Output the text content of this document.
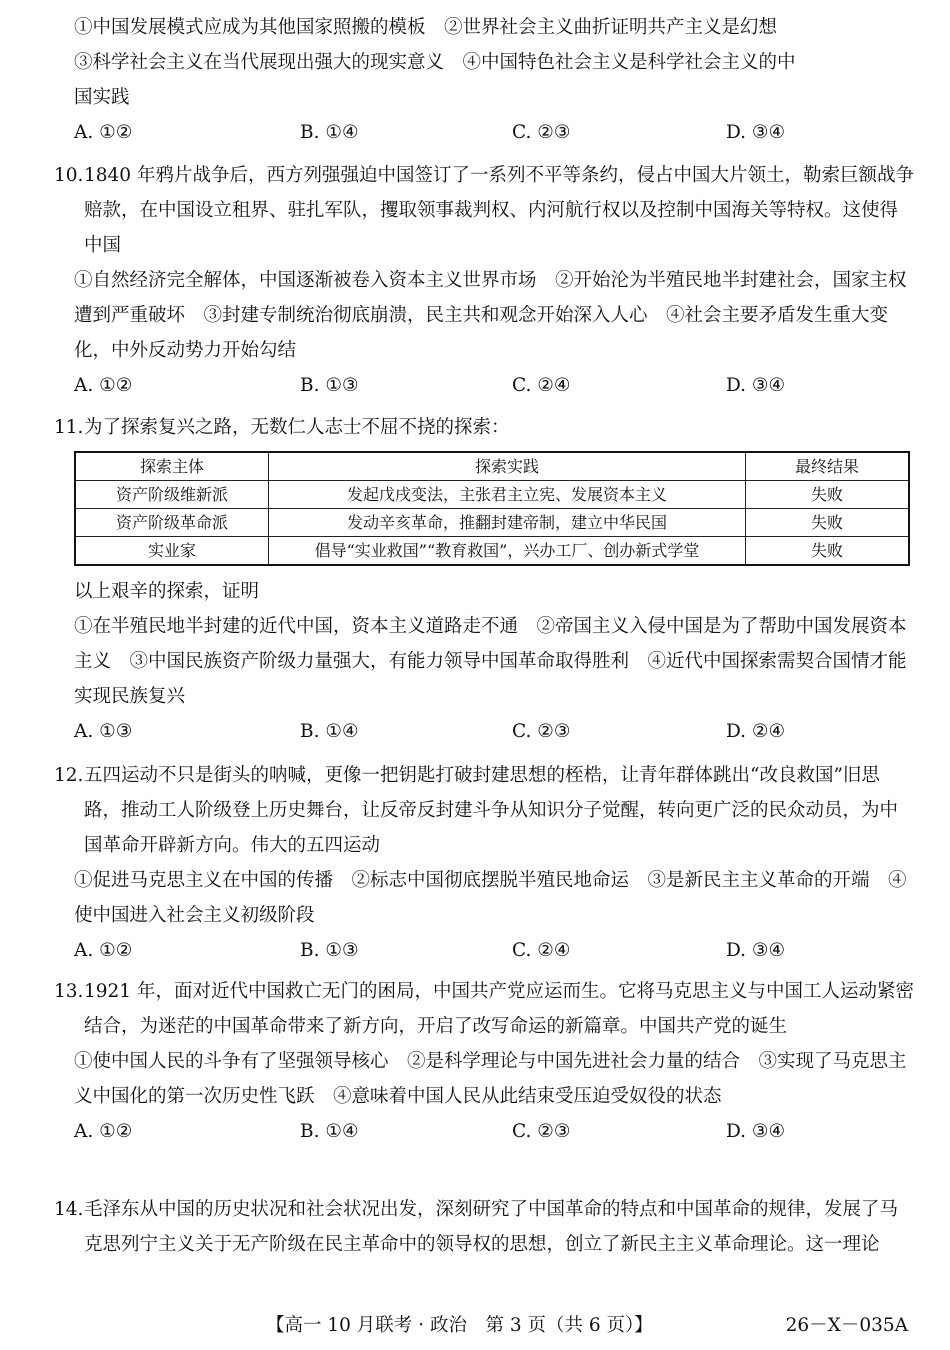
①中国发展模式应成为其他国家照搬的模板　②世界社会主义曲折证明共产主义是幻想

③科学社会主义在当代展现出强大的现实意义　④中国特色社会主义是科学社会主义的中

国实践

A. ①②	B. ①④	C. ②③	D. ③④
10. 1840 年鸦片战争后，西方列强强迫中国签订了一系列不平等条约，侵占中国大片领土，勒索巨额战争赔款，在中国设立租界、驻扎军队，攫取领事裁判权、内河航行权以及控制中国海关等特权。这使得中国

①自然经济完全解体，中国逐渐被卷入资本主义世界市场　②开始沦为半殖民地半封建社会，国家主权遭到严重破坏　③封建专制统治彻底崩溃，民主共和观念开始深入人心　④社会主要矛盾发生重大变化，中外反动势力开始勾结

A. ①②	B. ①③	C. ②④	D. ③④
11. 为了探索复兴之路，无数仁人志士不屈不挠的探索：
探索主体	探索实践	最终结果
资产阶级维新派	发起戊戌变法，主张君主立宪、发展资本主义	失败
资产阶级革命派	发动辛亥革命，推翻封建帝制，建立中华民国	失败
实业家	倡导“实业救国”“教育救国”，兴办工厂、创办新式学堂	失败

以上艰辛的探索，证明

①在半殖民地半封建的近代中国，资本主义道路走不通　②帝国主义入侵中国是为了帮助中国发展资本主义　③中国民族资产阶级力量强大，有能力领导中国革命取得胜利　④近代中国探索需契合国情才能实现民族复兴

A. ①③	B. ①④	C. ②③	D. ②④
12. 五四运动不只是街头的呐喊，更像一把钥匙打破封建思想的桎梏，让青年群体跳出“改良救国”旧思路，推动工人阶级登上历史舞台，让反帝反封建斗争从知识分子觉醒，转向更广泛的民众动员，为中国革命开辟新方向。伟大的五四运动

①促进马克思主义在中国的传播　②标志中国彻底摆脱半殖民地命运　③是新民主主义革命的开端　④使中国进入社会主义初级阶段

A. ①②	B. ①③	C. ②④	D. ③④
13. 1921 年，面对近代中国救亡无门的困局，中国共产党应运而生。它将马克思主义与中国工人运动紧密结合，为迷茫的中国革命带来了新方向，开启了改写命运的新篇章。中国共产党的诞生

①使中国人民的斗争有了坚强领导核心　②是科学理论与中国先进社会力量的结合　③实现了马克思主义中国化的第一次历史性飞跃　④意味着中国人民从此结束受压迫受奴役的状态

A. ①②	B. ①④	C. ②③	D. ③④
14. 毛泽东从中国的历史状况和社会状况出发，深刻研究了中国革命的特点和中国革命的规律，发展了马克思列宁主义关于无产阶级在民主革命中的领导权的思想，创立了新民主主义革命理论。这一理论
【高一 10 月联考 · 政治　第 3 页（共 6 页）】	26－X－035A
